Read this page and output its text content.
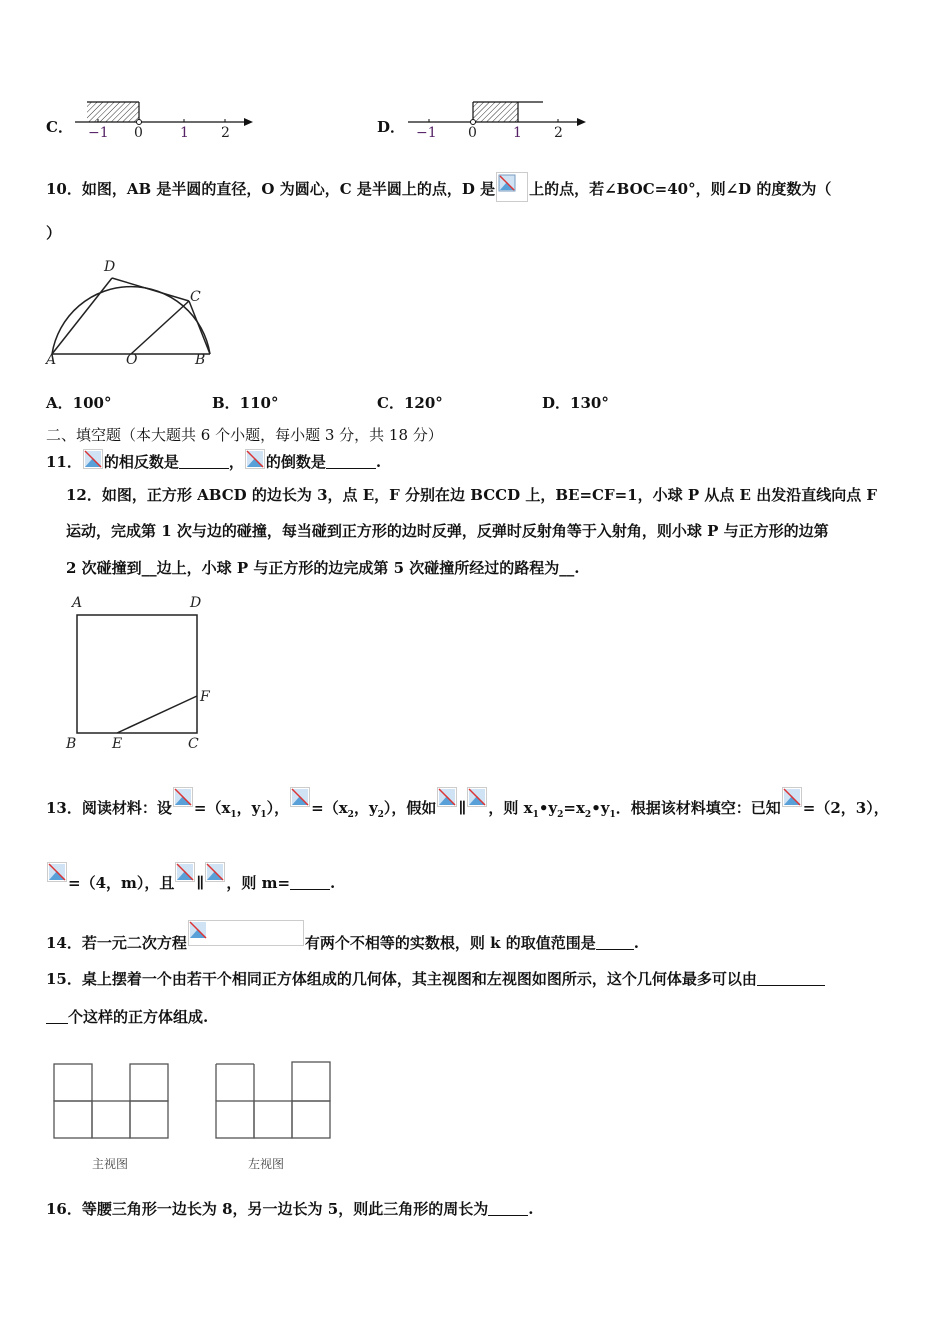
C． −1 0	1 2	D． −1 0	1 2
10．如图，AB 是半圆的直径，O 为圆心，C 是半圆上的点，D 是 上的点，若∠BOC=40°，则∠D 的度数为（
）
D
C
A	O	B
A．100°	B．110°	C．120°	D．130°
二、填空题（本大题共 6 个小题，每小题 3 分，共 18 分）
11． 的相反数是	， 的倒数是	.
12．如图，正方形 ABCD 的边长为 3，点 E，F 分别在边 BCCD 上，BE=CF=1，小球 P 从点 E 出发沿直线向点 F
运动，完成第 1 次与边的碰撞，每当碰到正方形的边时反弹，反弹时反射角等于入射角，则小球 P 与正方形的边第
2 次碰撞到__边上，小球 P 与正方形的边完成第 5 次碰撞所经过的路程为__.
A	D
F
B	E	C
13．阅读材料：设 $=(x_1$，$y_1$）， $=(x_2$，$y_2$），假如 ∥ ，则 $x_1•y_2=x_2•y_1$．根据该材料填空：已知 =（2，3），
=（4，m），且 ∥ ，则 m=	.
14．若一元二次方程	有两个不相等的实数根，则 k 的取值范围是	.
15．桌上摆着一个由若干个相同正方体组成的几何体，其主视图和左视图如图所示，这个几何体最多可以由
个这样的正方体组成.
主视图	左视图
16．等腰三角形一边长为 8，另一边长为 5，则此三角形的周长为	.
